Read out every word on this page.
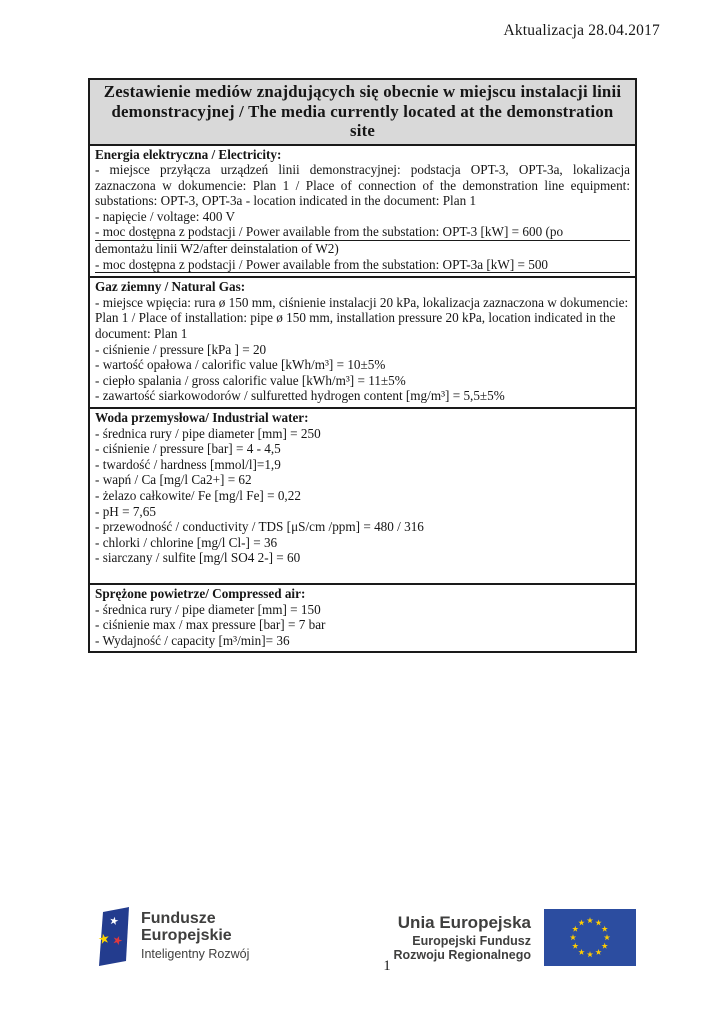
Aktualizacja 28.04.2017
Zestawienie mediów znajdujących się obecnie w miejscu instalacji linii demonstracyjnej / The media currently located at the demonstration site
Energia elektryczna / Electricity:
- miejsce przyłącza urządzeń linii demonstracyjnej: podstacja OPT-3, OPT-3a, lokalizacja zaznaczona w dokumencie: Plan 1 / Place of connection of the demonstration line equipment: substations: OPT-3, OPT-3a - location indicated in the document: Plan 1
- napięcie / voltage: 400 V
- moc dostępna z podstacji / Power available from the substation: OPT-3 [kW] = 600 (po
demontażu linii W2/after deinstalation of W2)
- moc dostępna z podstacji / Power available from the substation: OPT-3a [kW] = 500
Gaz ziemny / Natural Gas:
- miejsce wpięcia: rura ø 150 mm, ciśnienie instalacji 20 kPa, lokalizacja zaznaczona w dokumencie: Plan 1 / Place of installation: pipe ø 150 mm, installation pressure 20 kPa, location indicated in the document: Plan 1
- ciśnienie / pressure [kPa ] = 20
- wartość opałowa / calorific value [kWh/m³] = 10±5%
- ciepło spalania / gross calorific value [kWh/m³] = 11±5%
- zawartość siarkowodorów / sulfuretted hydrogen content [mg/m³] = 5,5±5%
Woda przemysłowa/ Industrial water:
- średnica rury / pipe diameter [mm] = 250
- ciśnienie / pressure [bar] = 4 - 4,5
- twardość / hardness [mmol/l]=1,9
- wapń / Ca [mg/l Ca2+] = 62
- żelazo całkowite/ Fe [mg/l Fe] = 0,22
- pH = 7,65
- przewodność / conductivity / TDS [μS/cm /ppm] = 480 / 316
- chlorki / chlorine [mg/l Cl-] = 36
- siarczany / sulfite [mg/l SO4 2-] = 60
Sprężone powietrze/ Compressed air:
- średnica rury / pipe diameter [mm] = 150
- ciśnienie max / max pressure [bar] = 7 bar
- Wydajność / capacity [m³/min]= 36
Fundusze
Europejskie
Inteligentny Rozwój
Unia Europejska
Europejski Fundusz
Rozwoju Regionalnego
1
